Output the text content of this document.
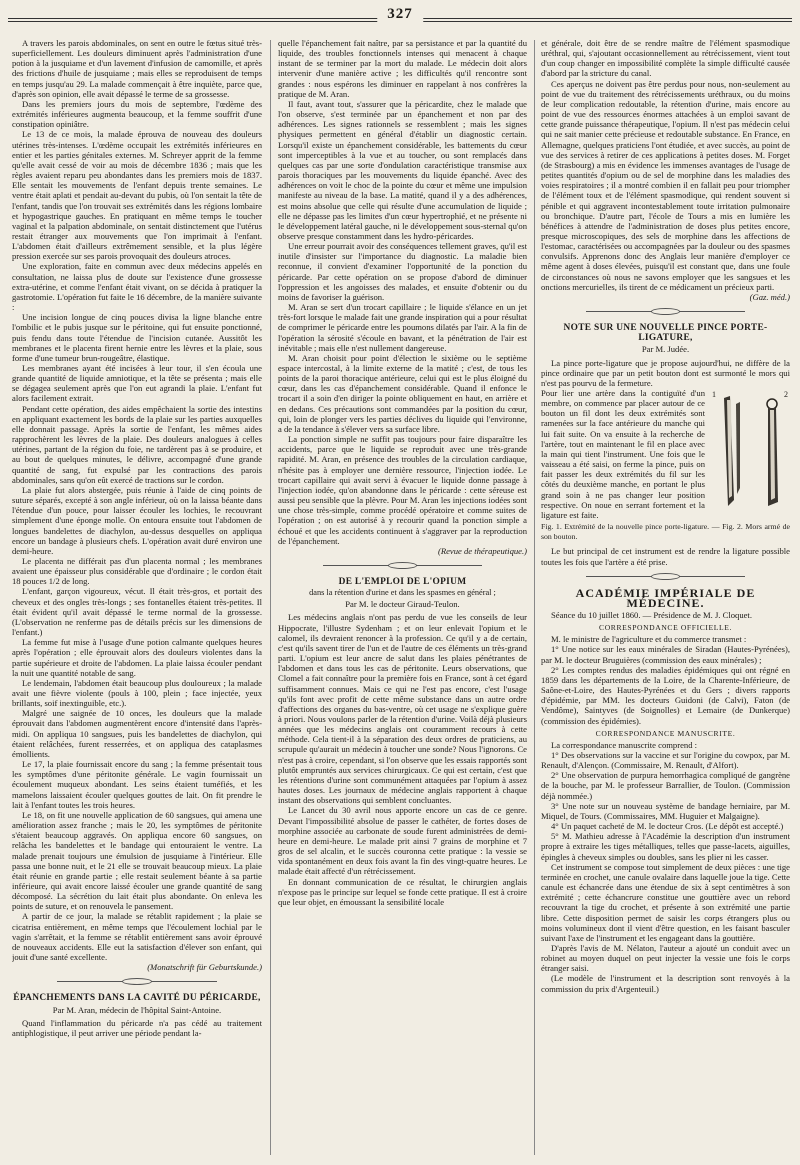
327

A travers les parois abdominales, on sent en outre le fœtus situé très-superficiellement. Les douleurs diminuent après l'administration d'une potion à la jusquiame et d'un lavement d'infusion de camomille, et après des frictions d'huile de jusquiame ; mais elles se reproduisent de temps en temps jusqu'au 29. La malade commençait à être inquiète, parce que, d'après son opinion, elle avait dépassé le terme de sa grossesse.

Dans les premiers jours du mois de septembre, l'œdème des extrémités inférieures augmenta beaucoup, et la femme souffrit d'une constipation opiniâtre.

Le 13 de ce mois, la malade éprouva de nouveau des douleurs utérines très-intenses. L'œdème occupait les extrémités inférieures en entier et les parties génitales externes. M. Schreyer apprit de la femme qu'elle avait cessé de voir au mois de décembre 1836 ; mais que les règles avaient reparu peu abondantes dans les premiers mois de 1837. Elle sentait les mouvements de l'enfant depuis trente semaines. Le ventre était aplati et pendait au-devant du pubis, où l'on sentait la tête de l'enfant, tandis que l'on trouvait ses extrémités dans les régions lombaire et hypogastrique gauches. En pratiquant en même temps le toucher vaginal et la palpation abdominale, on sentait distinctement que l'utérus restait étranger aux mouvements que l'on imprimait à l'enfant. L'abdomen était d'ailleurs extrêmement sensible, et la plus légère pression exercée sur ses parois provoquait des douleurs atroces.

Une exploration, faite en commun avec deux médecins appelés en consultation, ne laissa plus de doute sur l'existence d'une grossesse extra-utérine, et comme l'enfant était vivant, on se décida à pratiquer la gastrotomie. L'opération fut faite le 16 décembre, de la manière suivante :

Une incision longue de cinq pouces divisa la ligne blanche entre l'ombilic et le pubis jusque sur le péritoine, qui fut ensuite ponctionné, puis fendu dans toute l'étendue de l'incision cutanée. Aussitôt les membranes et le placenta firent hernie entre les lèvres et la plaie, sous forme d'une tumeur brun-rougeâtre, élastique.

Les membranes ayant été incisées à leur tour, il s'en écoula une grande quantité de liquide amniotique, et la tête se présenta ; mais elle se dégagea seulement après que l'on eut agrandi la plaie. L'enfant fut alors facilement extrait.

Pendant cette opération, des aides empêchaient la sortie des intestins en appliquant exactement les bords de la plaie sur les parties auxquelles elle donnait passage. Après la sortie de l'enfant, les mêmes aides rapprochèrent les lèvres de la plaie. Des douleurs analogues à celles utérines, partant de la région du foie, ne tardèrent pas à se produire, et au bout de quelques minutes, le délivre, accompagné d'une grande quantité de sang, fut expulsé par les contractions des parois abdominales, sans qu'on eût exercé de tractions sur le cordon.

La plaie fut alors abstergée, puis réunie à l'aide de cinq points de suture séparés, excepté à son angle inférieur, où on la laissa béante dans l'étendue d'un pouce, pour laisser écouler les lochies, le recouvrant simplement d'une éponge molle. On entoura ensuite tout l'abdomen de longues bandelettes de diachylon, au-dessus desquelles on appliqua encore un bandage à plusieurs chefs. L'opération avait duré environ une demi-heure.

Le placenta ne différait pas d'un placenta normal ; les membranes avaient une épaisseur plus considérable que d'ordinaire ; le cordon était 18 pouces 1/2 de long.

L'enfant, garçon vigoureux, vécut. Il était très-gros, et portait des cheveux et des ongles très-longs ; ses fontanelles étaient très-petites. Il était évident qu'il avait dépassé le terme normal de la grossesse. (L'observation ne renferme pas de détails précis sur les dimensions de l'enfant.)

La femme fut mise à l'usage d'une potion calmante quelques heures après l'opération ; elle éprouvait alors des douleurs violentes dans la partie supérieure et droite de l'abdomen. La plaie laissa écouler pendant la nuit une quantité notable de sang.

Le lendemain, l'abdomen était beaucoup plus douloureux ; la malade avait une fièvre violente (pouls à 100, plein ; face injectée, yeux brillants, soif inextinguible, etc.).

Malgré une saignée de 10 onces, les douleurs que la malade éprouvait dans l'abdomen augmentèrent encore d'intensité dans l'après-midi. On appliqua 10 sangsues, puis les bandelettes de diachylon, qui étaient relâchées, furent resserrées, et on appliqua des cataplasmes émollients.

Le 17, la plaie fournissait encore du sang ; la femme présentait tous les symptômes d'une péritonite générale. Le vagin fournissait un écoulement muqueux abondant. Les seins étaient tuméfiés, et les mamelons laissaient écouler quelques gouttes de lait. On fit prendre le lait à l'enfant toutes les trois heures.

Le 18, on fit une nouvelle application de 60 sangsues, qui amena une amélioration assez franche ; mais le 20, les symptômes de péritonite s'étaient beaucoup aggravés. On appliqua encore 60 sangsues, on relâcha les bandelettes et le bandage qui entouraient le ventre. La malade prenait toujours une émulsion de jusquiame à l'intérieur. Elle passa une bonne nuit, et le 21 elle se trouvait beaucoup mieux. La plaie était réunie en grande partie ; elle restait seulement béante à sa partie inférieure, qui avait encore laissé écouler une grande quantité de sang décomposé. La sécrétion du lait était plus abondante. On enleva les points de suture, et on renouvela le pansement.

A partir de ce jour, la malade se rétablit rapidement ; la plaie se cicatrisa entièrement, en même temps que l'écoulement lochial par le vagin s'arrêtait, et la femme se rétablit entièrement sans avoir éprouvé de nouveaux accidents. Elle eut la satisfaction d'élever son enfant, qui jouit d'une santé excellente.

(Monatschrift für Geburtskunde.)

ÉPANCHEMENTS DANS LA CAVITÉ DU PÉRICARDE,
Par M. Aran, médecin de l'hôpital Saint-Antoine.

Quand l'inflammation du péricarde n'a pas cédé au traitement antiphlogistique, il peut arriver une période pendant la-

quelle l'épanchement fait naître, par sa persistance et par la quantité du liquide, des troubles fonctionnels intenses qui menacent à chaque instant de se terminer par la mort du malade. Le médecin doit alors intervenir d'une manière active ; les difficultés qu'il rencontre sont grandes : nous espérons les diminuer en rappelant à nos confrères la pratique de M. Aran.

Il faut, avant tout, s'assurer que la péricardite, chez le malade que l'on observe, s'est terminée par un épanchement et non par des adhérences. Les signes rationnels se ressemblent ; mais les signes physiques permettent en général d'établir un diagnostic certain. Lorsqu'il existe un épanchement considérable, les battements du cœur sont imperceptibles à la vue et au toucher, ou sont remplacés dans quelques cas par une sorte d'ondulation caractéristique transmise aux parois thoraciques par les mouvements du liquide épanché. Avec des adhérences on voit le choc de la pointe du cœur et même une impulsion manifeste au niveau de la base. La matité, quand il y a des adhérences, est moins absolue que celle qui résulte d'une accumulation de liquide ; elle ne dépasse pas les limites d'un cœur hypertrophié, et ne présente ni le développement latéral gauche, ni le développement sous-sternal qu'on observe presque constamment dans les hydro-péricardes.

Une erreur pourrait avoir des conséquences tellement graves, qu'il est inutile d'insister sur l'importance du diagnostic. La maladie bien reconnue, il convient d'examiner l'opportunité de la ponction du péricarde. Par cette opération on se propose d'abord de diminuer l'oppression et les angoisses des malades, et ensuite d'obtenir ou du moins de favoriser la guérison.

M. Aran se sert d'un trocart capillaire ; le liquide s'élance en un jet très-fort lorsque le malade fait une grande inspiration qui a pour résultat de comprimer le péricarde entre les poumons dilatés par l'air. A la fin de l'opération la sérosité s'écoule en bavant, et la pénétration de l'air est inévitable ; mais elle n'est nullement dangereuse.

M. Aran choisit pour point d'élection le sixième ou le septième espace intercostal, à la limite externe de la matité ; c'est, de tous les points de la paroi thoracique antérieure, celui qui est le plus éloigné du cœur, dans les cas d'épanchement considérable. Quand il enfonce le trocart il a soin d'en diriger la pointe obliquement en haut, en arrière et en dedans. Ces précautions sont commandées par la position du cœur, qui, loin de plonger vers les parties déclives du liquide qui l'environne, a de la tendance à s'élever vers sa surface libre.

La ponction simple ne suffit pas toujours pour faire disparaître les accidents, parce que le liquide se reproduit avec une très-grande rapidité. M. Aran, en présence des troubles de la circulation cardiaque, n'hésite pas à employer une dernière ressource, l'injection iodée. Le trocart capillaire qui avait servi à évacuer le liquide donne passage à l'injection iodée, qu'on abandonne dans le péricarde : cette séreuse est aussi peu sensible que la plèvre. Pour M. Aran les injections iodées sont une chose très-simple, comme procédé opératoire et comme suites de l'opération ; on est autorisé à y recourir quand la ponction simple a échoué et que les accidents continuent à s'aggraver par la reproduction de l'épanchement.

(Revue de thérapeutique.)

DE L'EMPLOI DE L'OPIUM
dans la rétention d'urine et dans les spasmes en général ;
Par M. le docteur Giraud-Teulon.

Les médecins anglais n'ont pas perdu de vue les conseils de leur Hippocrate, l'illustre Sydenham ; et on leur enlevait l'opium et le calomel, ils devraient renoncer à la profession. Ce qu'il y a de certain, c'est qu'ils savent tirer de l'un et de l'autre de ces éléments un très-grand parti. L'opium est leur ancre de salut dans les plaies pénétrantes de l'abdomen et dans tous les cas de péritonite. Leurs observations, que Clomel a fait connaître pour la première fois en France, sont à cet égard suffisamment connues. Mais ce qui ne l'est pas encore, c'est l'usage qu'ils font avec profit de cette même substance dans un autre ordre d'affections des organes du bas-ventre, où cet usage ne s'explique guère à priori. Nous voulons parler de la rétention d'urine. Voilà déjà plusieurs années que les médecins anglais ont couramment recours à cette méthode. Cela tient-il à la séparation des deux ordres de praticiens, au scrupule qu'aurait un médecin à toucher une sonde? Nous l'ignorons. Ce n'est pas à croire, cependant, si l'on observe que les essais rapportés sont plutôt empruntés aux services chirurgicaux. Ce qui est certain, c'est que les rétentions d'urine sont communément attaquées par l'opium à assez hautes doses. Les journaux de médecine anglais rapportent à chaque instant des observations qui semblent concluantes.

Le Lancet du 30 avril nous apporte encore un cas de ce genre. Devant l'impossibilité absolue de passer le cathéter, de fortes doses de morphine associée au carbonate de soude furent administrées de demi-heure en demi-heure. Le malade prit ainsi 7 grains de morphine et 7 gros de sel alcalin, et le succès couronna cette pratique : la vessie se vida spontanément en deux fois avant la fin des vingt-quatre heures. Le malade était affecté d'un rétrécissement.

En donnant communication de ce résultat, le chirurgien anglais n'expose pas le principe sur lequel se fonde cette pratique. Il est à croire que leur objet, en émoussant la sensibilité locale

et générale, doit être de se rendre maître de l'élément spasmodique uréthral, qui, s'ajoutant occasionnellement au rétrécissement, vient tout d'un coup changer en impossibilité complète la simple difficulté causée d'abord par la stricture du canal.

Ces aperçus ne doivent pas être perdus pour nous, non-seulement au point de vue du traitement des rétrécissements uréthraux, ou du moins de leur complication redoutable, la rétention d'urine, mais encore au point de vue des ressources énormes attachées à un emploi savant de cette grande puissance thérapeutique, l'opium. Il n'est pas médecin celui qui ne sait manier cette précieuse et redoutable substance. En France, en Allemagne, quelques praticiens l'ont étudiée, et avec succès, au point de vue des services à retirer de ces applications à petites doses. M. Forget (de Strasbourg) a mis en évidence les immenses avantages de l'usage de petites quantités d'opium ou de sel de morphine dans les maladies des voies respiratoires ; il a montré combien il en fallait peu pour triompher de l'élément toux et de l'élément spasmodique, qui rendent souvent si pénible et qui aggravent incontestablement toute irritation pulmonaire ou bronchique. D'autre part, l'école de Tours a mis en lumière les bénéfices à attendre de l'administration de doses plus petites encore, presque microscopiques, des sels de morphine dans les affections de l'estomac, caractérisées ou accompagnées par la douleur ou des spasmes convulsifs. Apprenons donc des Anglais leur manière d'employer ce même agent à doses élevées, puisqu'il est constant que, dans une foule de circonstances où nous ne savons employer que les sangsues et les onctions mercurielles, ils tirent de ce médicament un précieux parti.

(Gaz. méd.)

NOTE SUR UNE NOUVELLE PINCE PORTE-LIGATURE,
Par M. Judée.

La pince porte-ligature que je propose aujourd'hui, ne diffère de la pince ordinaire que par un petit bouton dont est surmonté le mors qui n'est pas pourvu de la fermeture.

1	2

Pour lier une artère dans la contiguïté d'un membre, on commence par placer autour de ce bouton un fil dont les deux extrémités sont ramenées sur la face antérieure du manche qui lui fait suite. On va ensuite à la recherche de l'artère, tout en maintenant le fil en place avec la main qui tient l'instrument. Une fois que le vaisseau a été saisi, on ferme la pince, puis on fait passer les deux extrémités du fil sur les côtés du deuxième manche, en portant le plus grand soin à ne pas changer leur position respective. On noue en serrant fortement et la ligature est faite.

Fig. 1. Extrémité de la nouvelle pince porte-ligature. — Fig. 2. Mors armé de son bouton.

Le but principal de cet instrument est de rendre la ligature possible toutes les fois que l'artère a été prise.

ACADÉMIE IMPÉRIALE DE MÉDECINE.

Séance du 10 juillet 1860. — Présidence de M. J. Cloquet.

CORRESPONDANCE OFFICIELLE.

M. le ministre de l'agriculture et du commerce transmet :

1° Une notice sur les eaux minérales de Siradan (Hautes-Pyrénées), par M. le docteur Bruguières (commission des eaux minérales) ;

2° Les comptes rendus des maladies épidémiques qui ont régné en 1859 dans les départements de la Loire, de la Charente-Inférieure, de Saône-et-Loire, des Hautes-Pyrénées et du Gers ; divers rapports d'épidémie, par MM. les docteurs Guidoni (de Calvi), Faton (de Vendôme), Saintyves (de Soignolles) et Lemaire (de Dunkerque) (commission des épidémies).

CORRESPONDANCE MANUSCRITE.

La correspondance manuscrite comprend :

1° Des observations sur la vaccine et sur l'origine du cowpox, par M. Renault, d'Alençon. (Commissaire, M. Renault, d'Alfort).

2° Une observation de purpura hemorrhagica compliqué de gangrène de la bouche, par M. le professeur Barrallier, de Toulon. (Commission déjà nommée.)

3° Une note sur un nouveau système de bandage herniaire, par M. Miquel, de Tours. (Commissaires, MM. Huguier et Malgaigne).

4° Un paquet cacheté de M. le docteur Cros. (Le dépôt est accepté.)

5° M. Mathieu adresse à l'Académie la description d'un instrument propre à extraire les tiges métalliques, telles que passe-lacets, aiguilles, épingles à cheveux simples ou doubles, sans les plier ni les casser.

Cet instrument se compose tout simplement de deux pièces : une tige terminée en crochet, une canule ovalaire dans laquelle joue la tige. Cette canule est échancrée dans une étendue de six à sept centimètres à son extrémité ; cette échancrure constitue une gouttière avec un rebord recouvrant la tige du crochet, et présente à son extrémité une partie libre. Cette disposition permet de saisir les corps étrangers plus ou moins volumineux dont il vient d'être question, en les faisant basculer suivant l'axe de l'instrument et les engageant dans la gouttière.

D'après l'avis de M. Nélaton, l'auteur a ajouté un conduit avec un robinet au moyen duquel on peut injecter la vessie une fois le corps étranger saisi.

(Le modèle de l'instrument et la description sont renvoyés à la commission du prix d'Argenteuil.)
